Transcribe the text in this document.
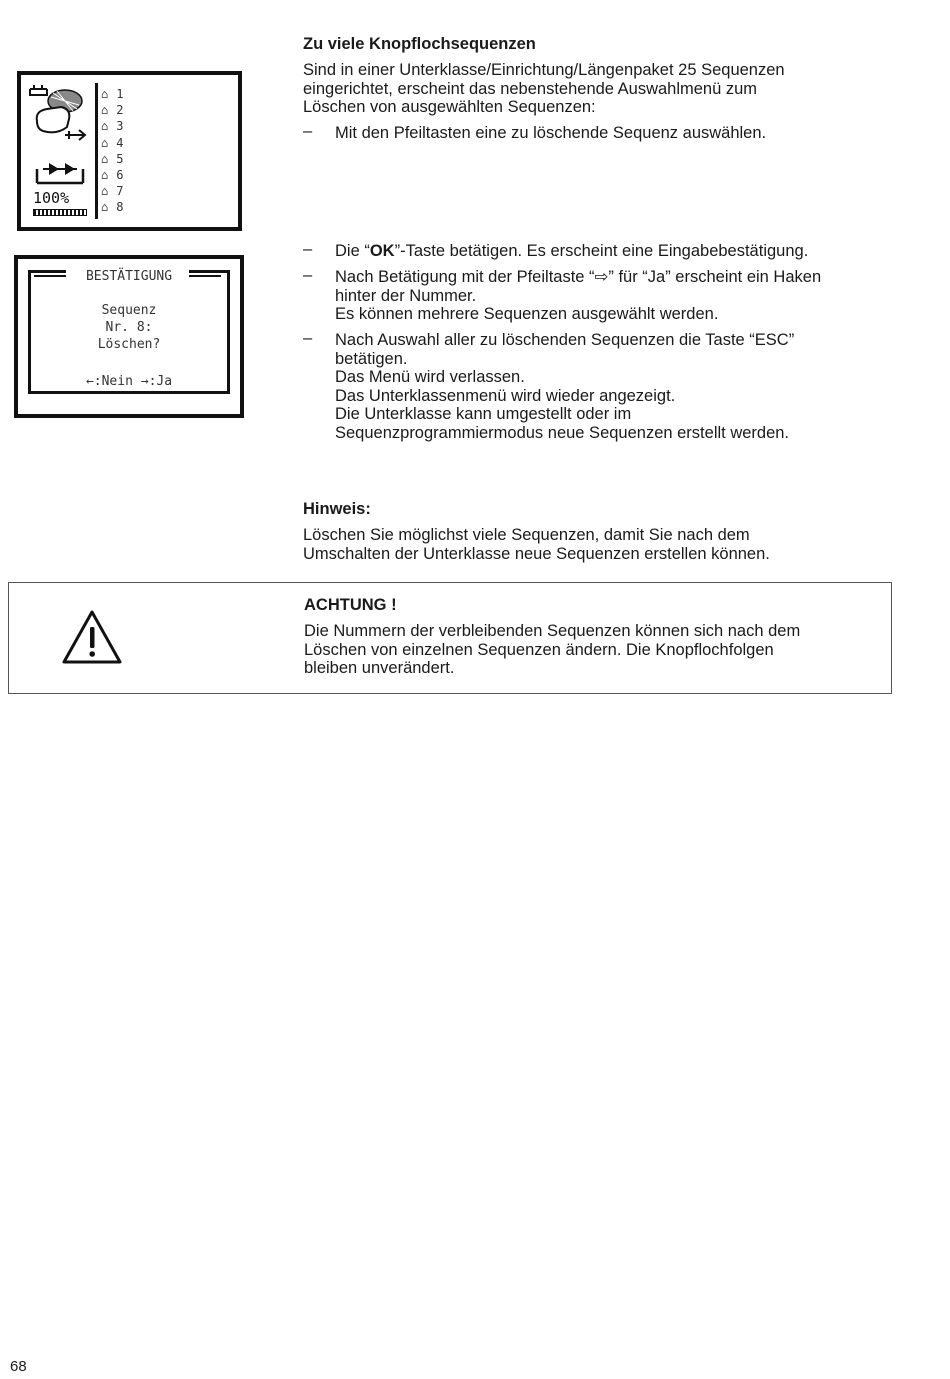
Zu viele Knopflochsequenzen
Sind in einer Unterklasse/Einrichtung/Längenpaket 25 Sequenzen
eingerichtet, erscheint das nebenstehende Auswahlmenü zum
Löschen von ausgewählten Sequenzen:
– Mit den Pfeiltasten eine zu löschende Sequenz auswählen.
– Die “OK”-Taste betätigen. Es erscheint eine Eingabebestätigung.
– Nach Betätigung mit der Pfeiltaste “⇨” für “Ja” erscheint ein Haken
hinter der Nummer.
Es können mehrere Sequenzen ausgewählt werden.
– Nach Auswahl aller zu löschenden Sequenzen die Taste “ESC”
betätigen.
Das Menü wird verlassen.
Das Unterklassenmenü wird wieder angezeigt.
Die Unterklasse kann umgestellt oder im
Sequenzprogrammiermodus neue Sequenzen erstellt werden.
Hinweis:
Löschen Sie möglichst viele Sequenzen, damit Sie nach dem
Umschalten der Unterklasse neue Sequenzen erstellen können.
ACHTUNG !
Die Nummern der verbleibenden Sequenzen können sich nach dem
Löschen von einzelnen Sequenzen ändern. Die Knopflochfolgen
bleiben unverändert.
100%
⌂ 1
⌂ 2
⌂ 3
⌂ 4
⌂ 5
⌂ 6
⌂ 7
⌂ 8
BESTÄTIGUNG
Sequenz
Nr. 8:
Löschen?
←:Nein →:Ja
68
